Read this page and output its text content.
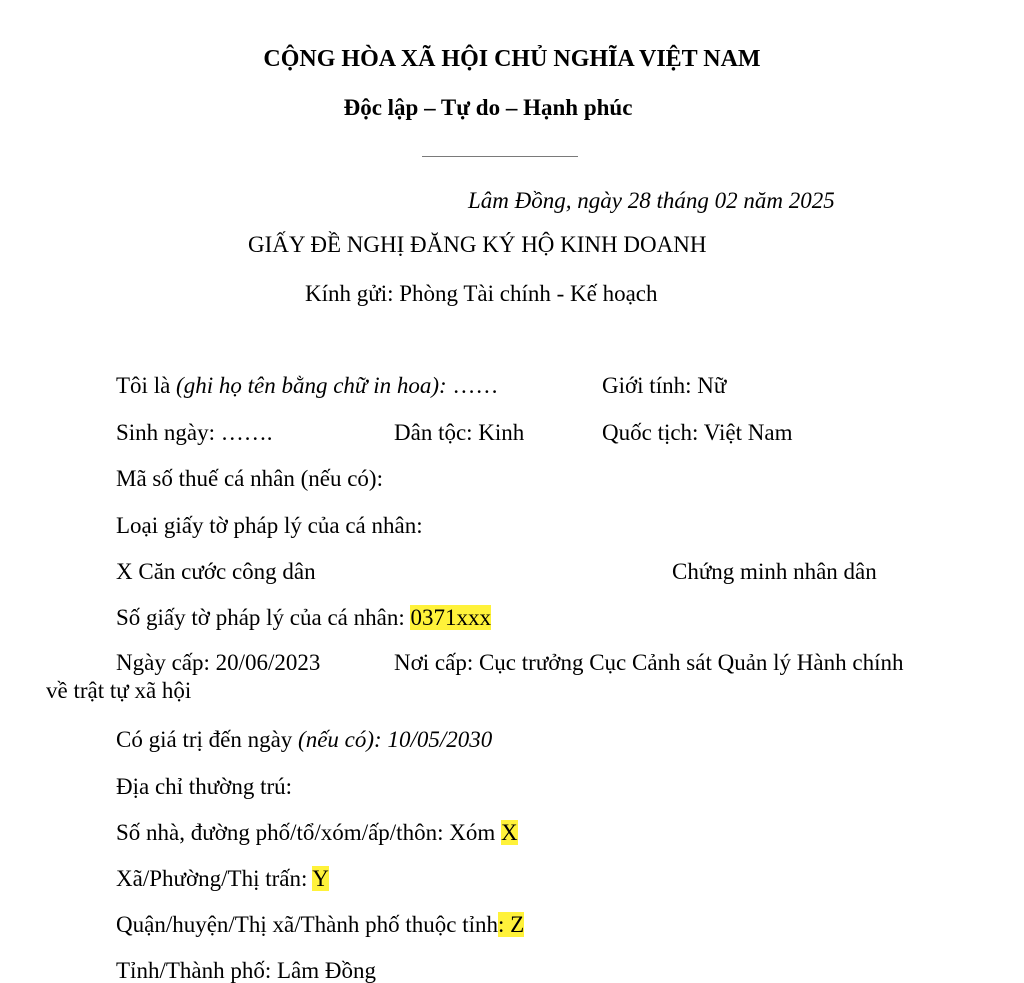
CỘNG HÒA XÃ HỘI CHỦ NGHĨA VIỆT NAM
Độc lập – Tự do – Hạnh phúc
Lâm Đồng, ngày 28 tháng 02 năm 2025
GIẤY ĐỀ NGHỊ ĐĂNG KÝ HỘ KINH DOANH
Kính gửi: Phòng Tài chính - Kế hoạch
Tôi là (ghi họ tên bằng chữ in hoa): ……	Giới tính: Nữ
Sinh ngày: …….	Dân tộc: Kinh	Quốc tịch: Việt Nam
Mã số thuế cá nhân (nếu có):
Loại giấy tờ pháp lý của cá nhân:
X Căn cước công dân	Chứng minh nhân dân
Số giấy tờ pháp lý của cá nhân: 0371xxx
Ngày cấp: 20/06/2023	Nơi cấp: Cục trưởng Cục Cảnh sát Quản lý Hành chính
về trật tự xã hội
Có giá trị đến ngày (nếu có): 10/05/2030
Địa chỉ thường trú:
Số nhà, đường phố/tổ/xóm/ấp/thôn: Xóm X
Xã/Phường/Thị trấn: Y
Quận/huyện/Thị xã/Thành phố thuộc tỉnh: Z
Tỉnh/Thành phố: Lâm Đồng
